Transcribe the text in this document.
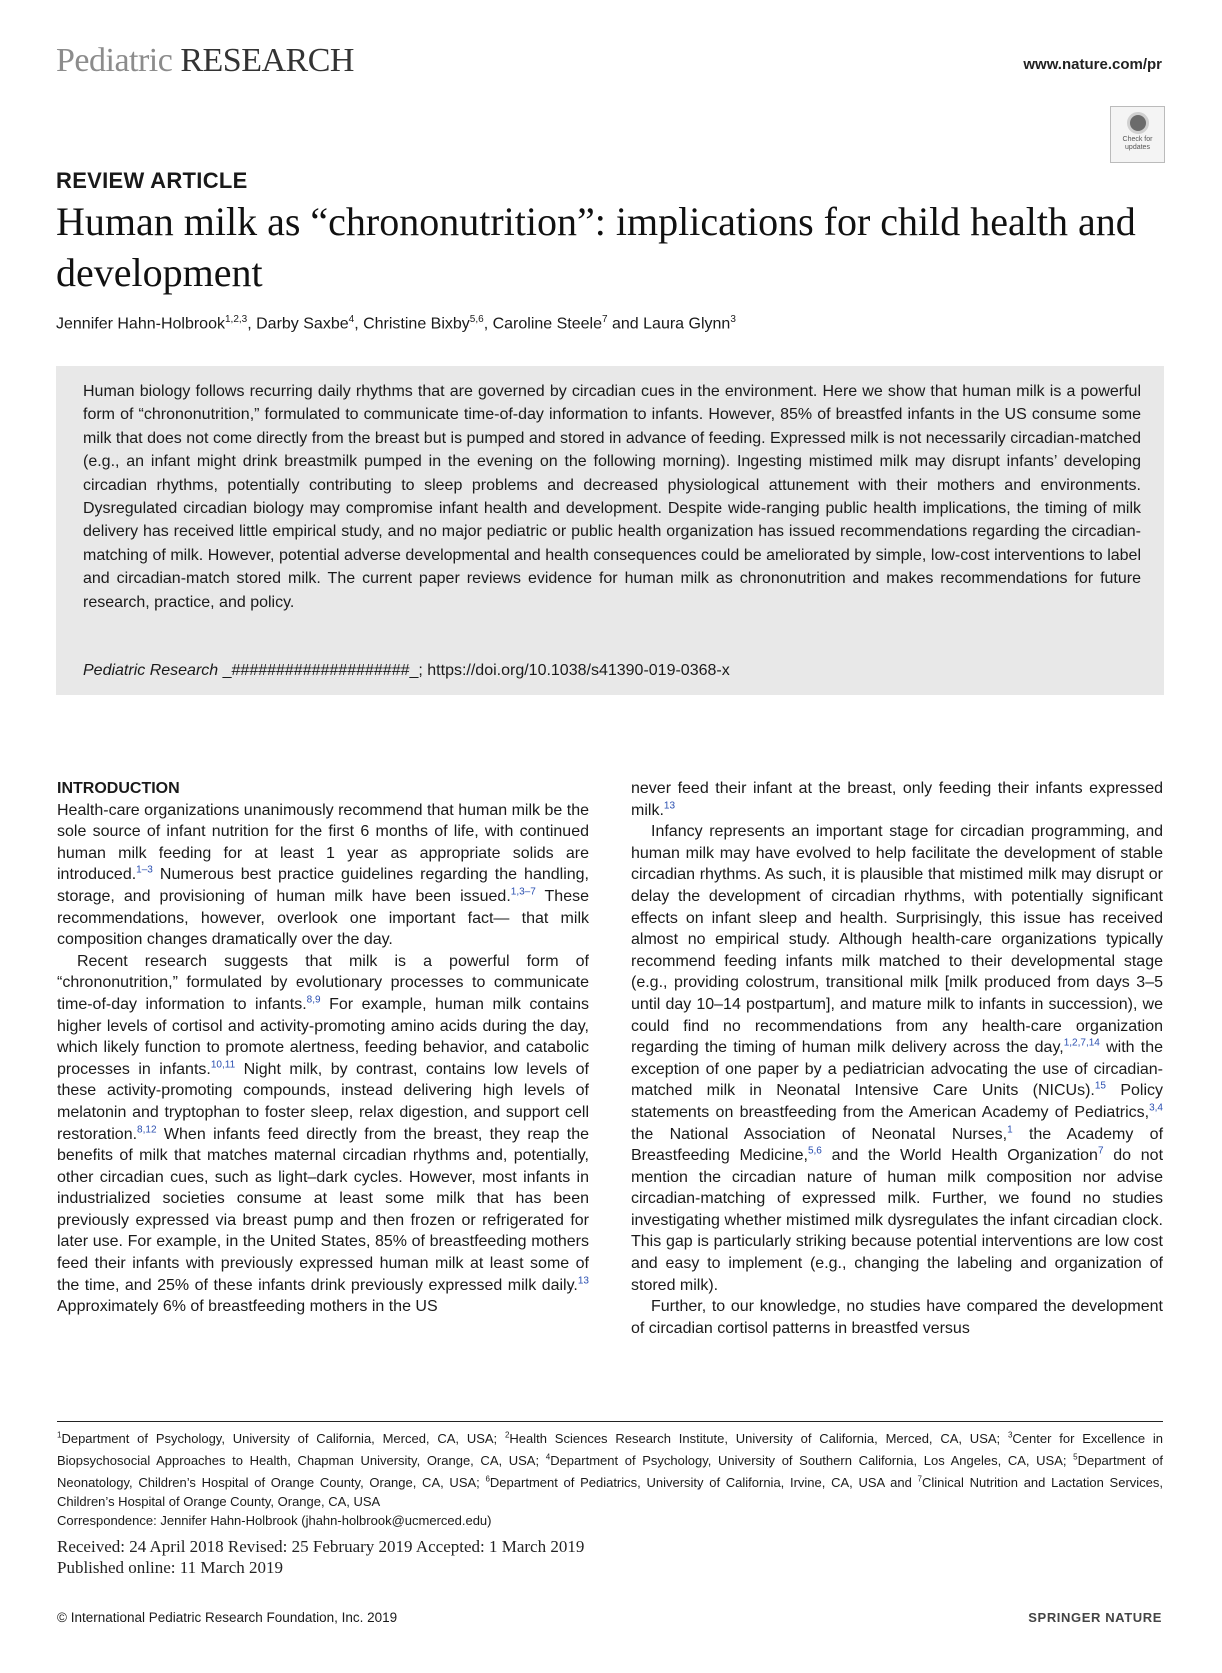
Pediatric RESEARCH	www.nature.com/pr
Check for
updates
REVIEW ARTICLE
Human milk as “chrononutrition”: implications for child health and development
Jennifer Hahn-Holbrook$^{1,2,3}$, Darby Saxbe$^4$, Christine Bixby$^{5,6}$, Caroline Steele$^7$ and Laura Glynn$^3$
Human biology follows recurring daily rhythms that are governed by circadian cues in the environment. Here we show that human milk is a powerful form of “chrononutrition,” formulated to communicate time-of-day information to infants. However, 85% of breastfed infants in the US consume some milk that does not come directly from the breast but is pumped and stored in advance of feeding. Expressed milk is not necessarily circadian-matched (e.g., an infant might drink breastmilk pumped in the evening on the following morning). Ingesting mistimed milk may disrupt infants’ developing circadian rhythms, potentially contributing to sleep problems and decreased physiological attunement with their mothers and environments. Dysregulated circadian biology may compromise infant health and development. Despite wide-ranging public health implications, the timing of milk delivery has received little empirical study, and no major pediatric or public health organization has issued recommendations regarding the circadian-matching of milk. However, potential adverse developmental and health consequences could be ameliorated by simple, low-cost interventions to label and circadian-match stored milk. The current paper reviews evidence for human milk as chrononutrition and makes recommendations for future research, practice, and policy.
Pediatric Research _####################_; https://doi.org/10.1038/s41390-019-0368-x
INTRODUCTION

Health-care organizations unanimously recommend that human milk be the sole source of infant nutrition for the first 6 months of life, with continued human milk feeding for at least 1 year as appropriate solids are introduced.$^{1-3}$ Numerous best practice guidelines regarding the handling, storage, and provisioning of human milk have been issued.$^{1,3-7}$ These recommendations, however, overlook one important fact— that milk composition changes dramatically over the day.

Recent research suggests that milk is a powerful form of “chrononutrition,” formulated by evolutionary processes to communicate time-of-day information to infants.$^{8,9}$ For example, human milk contains higher levels of cortisol and activity-promoting amino acids during the day, which likely function to promote alertness, feeding behavior, and catabolic processes in infants.$^{10,11}$ Night milk, by contrast, contains low levels of these activity-promoting compounds, instead delivering high levels of melatonin and tryptophan to foster sleep, relax digestion, and support cell restoration.$^{8,12}$ When infants feed directly from the breast, they reap the benefits of milk that matches maternal circadian rhythms and, potentially, other circadian cues, such as light–dark cycles. However, most infants in industrialized societies consume at least some milk that has been previously expressed via breast pump and then frozen or refrigerated for later use. For example, in the United States, 85% of breastfeeding mothers feed their infants with previously expressed human milk at least some of the time, and 25% of these infants drink previously expressed milk daily.$^{13}$ Approximately 6% of breastfeeding mothers in the US

never feed their infant at the breast, only feeding their infants expressed milk.$^{13}$

Infancy represents an important stage for circadian programming, and human milk may have evolved to help facilitate the development of stable circadian rhythms. As such, it is plausible that mistimed milk may disrupt or delay the development of circadian rhythms, with potentially significant effects on infant sleep and health. Surprisingly, this issue has received almost no empirical study. Although health-care organizations typically recommend feeding infants milk matched to their developmental stage (e.g., providing colostrum, transitional milk [milk produced from days 3–5 until day 10–14 postpartum], and mature milk to infants in succession), we could find no recommendations from any health-care organization regarding the timing of human milk delivery across the day,$^{1,2,7,14}$ with the exception of one paper by a pediatrician advocating the use of circadian-matched milk in Neonatal Intensive Care Units (NICUs).$^{15}$ Policy statements on breastfeeding from the American Academy of Pediatrics,$^{3,4}$ the National Association of Neonatal Nurses,$^1$ the Academy of Breastfeeding Medicine,$^{5,6}$ and the World Health Organization$^7$ do not mention the circadian nature of human milk composition nor advise circadian-matching of expressed milk. Further, we found no studies investigating whether mistimed milk dysregulates the infant circadian clock. This gap is particularly striking because potential interventions are low cost and easy to implement (e.g., changing the labeling and organization of stored milk).

Further, to our knowledge, no studies have compared the development of circadian cortisol patterns in breastfed versus

$^1$Department of Psychology, University of California, Merced, CA, USA; $^2$Health Sciences Research Institute, University of California, Merced, CA, USA; $^3$Center for Excellence in Biopsychosocial Approaches to Health, Chapman University, Orange, CA, USA; $^4$Department of Psychology, University of Southern California, Los Angeles, CA, USA; $^5$Department of Neonatology, Children’s Hospital of Orange County, Orange, CA, USA; $^6$Department of Pediatrics, University of California, Irvine, CA, USA and $^7$Clinical Nutrition and Lactation Services, Children’s Hospital of Orange County, Orange, CA, USA
Correspondence: Jennifer Hahn-Holbrook (jhahn-holbrook@ucmerced.edu)
Received: 24 April 2018 Revised: 25 February 2019 Accepted: 1 March 2019
Published online: 11 March 2019
© International Pediatric Research Foundation, Inc. 2019	SPRINGER NATURE
